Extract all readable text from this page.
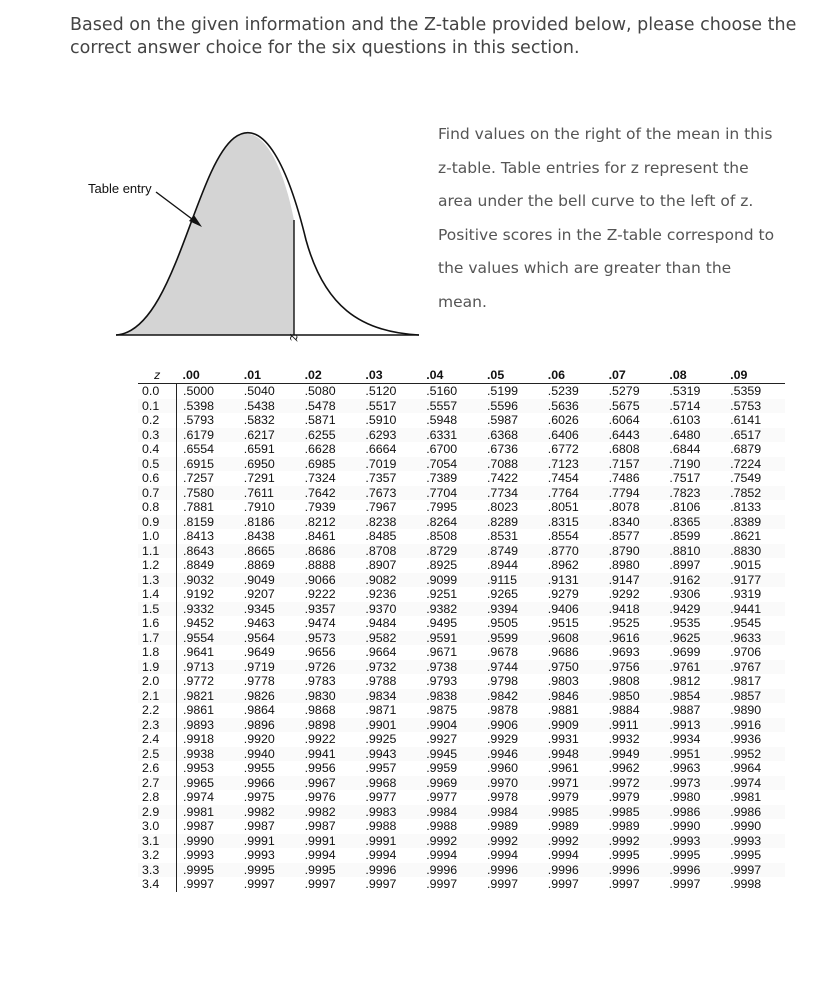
Based on the given information and the Z-table provided below, please choose the correct answer choice for the six questions in this section.
Table entry
z
Find values on the right of the mean in this
z-table. Table entries for z represent the
area under the bell curve to the left of z.
Positive scores in the Z-table correspond to
the values which are greater than the
mean.
z	.00	.01	.02	.03	.04	.05	.06	.07	.08	.09
0.0	.5000	.5040	.5080	.5120	.5160	.5199	.5239	.5279	.5319	.5359
0.1	.5398	.5438	.5478	.5517	.5557	.5596	.5636	.5675	.5714	.5753
0.2	.5793	.5832	.5871	.5910	.5948	.5987	.6026	.6064	.6103	.6141
0.3	.6179	.6217	.6255	.6293	.6331	.6368	.6406	.6443	.6480	.6517
0.4	.6554	.6591	.6628	.6664	.6700	.6736	.6772	.6808	.6844	.6879
0.5	.6915	.6950	.6985	.7019	.7054	.7088	.7123	.7157	.7190	.7224
0.6	.7257	.7291	.7324	.7357	.7389	.7422	.7454	.7486	.7517	.7549
0.7	.7580	.7611	.7642	.7673	.7704	.7734	.7764	.7794	.7823	.7852
0.8	.7881	.7910	.7939	.7967	.7995	.8023	.8051	.8078	.8106	.8133
0.9	.8159	.8186	.8212	.8238	.8264	.8289	.8315	.8340	.8365	.8389
1.0	.8413	.8438	.8461	.8485	.8508	.8531	.8554	.8577	.8599	.8621
1.1	.8643	.8665	.8686	.8708	.8729	.8749	.8770	.8790	.8810	.8830
1.2	.8849	.8869	.8888	.8907	.8925	.8944	.8962	.8980	.8997	.9015
1.3	.9032	.9049	.9066	.9082	.9099	.9115	.9131	.9147	.9162	.9177
1.4	.9192	.9207	.9222	.9236	.9251	.9265	.9279	.9292	.9306	.9319
1.5	.9332	.9345	.9357	.9370	.9382	.9394	.9406	.9418	.9429	.9441
1.6	.9452	.9463	.9474	.9484	.9495	.9505	.9515	.9525	.9535	.9545
1.7	.9554	.9564	.9573	.9582	.9591	.9599	.9608	.9616	.9625	.9633
1.8	.9641	.9649	.9656	.9664	.9671	.9678	.9686	.9693	.9699	.9706
1.9	.9713	.9719	.9726	.9732	.9738	.9744	.9750	.9756	.9761	.9767
2.0	.9772	.9778	.9783	.9788	.9793	.9798	.9803	.9808	.9812	.9817
2.1	.9821	.9826	.9830	.9834	.9838	.9842	.9846	.9850	.9854	.9857
2.2	.9861	.9864	.9868	.9871	.9875	.9878	.9881	.9884	.9887	.9890
2.3	.9893	.9896	.9898	.9901	.9904	.9906	.9909	.9911	.9913	.9916
2.4	.9918	.9920	.9922	.9925	.9927	.9929	.9931	.9932	.9934	.9936
2.5	.9938	.9940	.9941	.9943	.9945	.9946	.9948	.9949	.9951	.9952
2.6	.9953	.9955	.9956	.9957	.9959	.9960	.9961	.9962	.9963	.9964
2.7	.9965	.9966	.9967	.9968	.9969	.9970	.9971	.9972	.9973	.9974
2.8	.9974	.9975	.9976	.9977	.9977	.9978	.9979	.9979	.9980	.9981
2.9	.9981	.9982	.9982	.9983	.9984	.9984	.9985	.9985	.9986	.9986
3.0	.9987	.9987	.9987	.9988	.9988	.9989	.9989	.9989	.9990	.9990
3.1	.9990	.9991	.9991	.9991	.9992	.9992	.9992	.9992	.9993	.9993
3.2	.9993	.9993	.9994	.9994	.9994	.9994	.9994	.9995	.9995	.9995
3.3	.9995	.9995	.9995	.9996	.9996	.9996	.9996	.9996	.9996	.9997
3.4	.9997	.9997	.9997	.9997	.9997	.9997	.9997	.9997	.9997	.9998
